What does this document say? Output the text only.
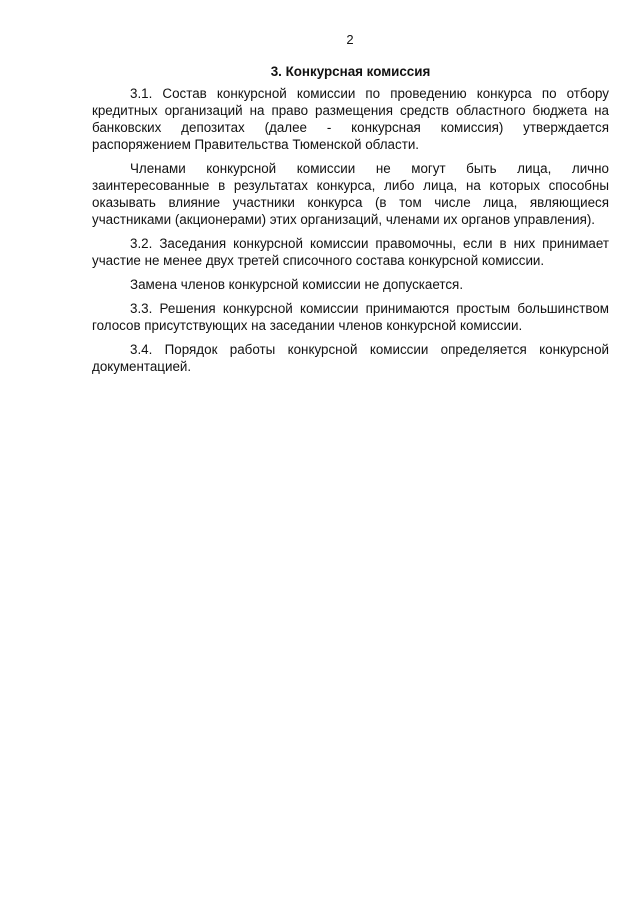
2
3. Конкурсная комиссия

3.1. Состав конкурсной комиссии по проведению конкурса по отбору кредитных организаций на право размещения средств областного бюджета на банковских депозитах (далее - конкурсная комиссия) утверждается распоряжением Правительства Тюменской области.

Членами конкурсной комиссии не могут быть лица, лично заинтересованные в результатах конкурса, либо лица, на которых способны оказывать влияние участники конкурса (в том числе лица, являющиеся участниками (акционерами) этих организаций, членами их органов управления).

3.2. Заседания конкурсной комиссии правомочны, если в них принимает участие не менее двух третей списочного состава конкурсной комиссии.

Замена членов конкурсной комиссии не допускается.

3.3. Решения конкурсной комиссии принимаются простым большинством голосов присутствующих на заседании членов конкурсной комиссии.

3.4. Порядок работы конкурсной комиссии определяется конкурсной документацией.
